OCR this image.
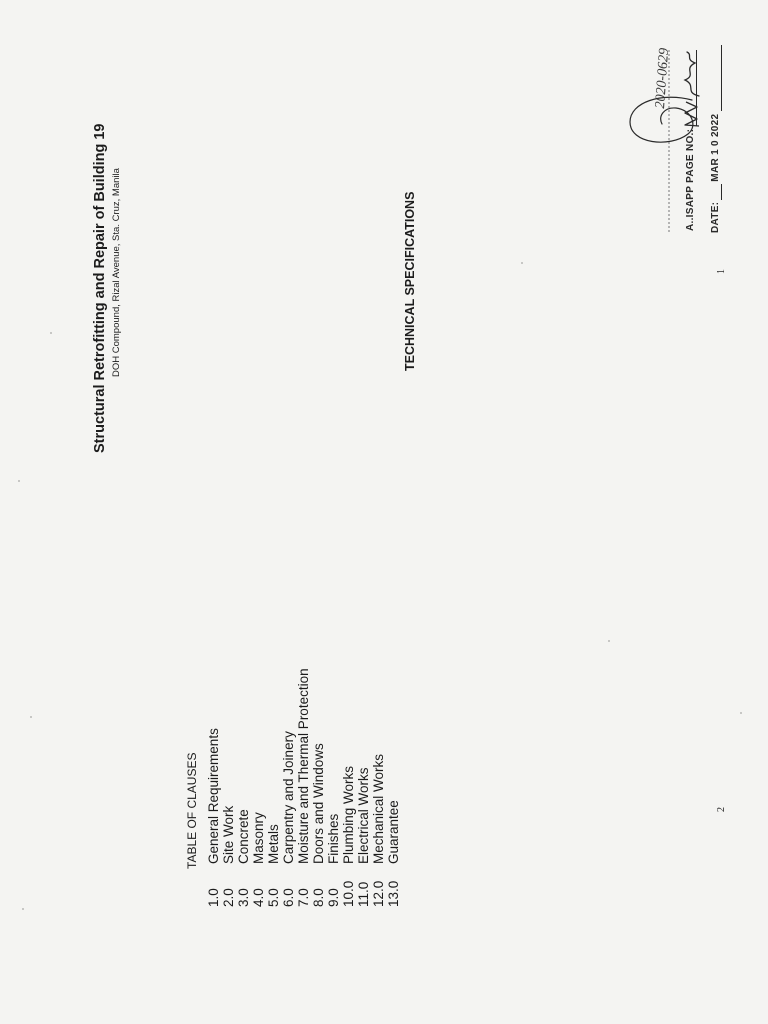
2020-0629
Structural Retrofitting and Repair of Building 19 DOH Compound, Rizal Avenue, Sta. Cruz, Manila
TABLE OF CLAUSES
1.0
General Requirements
2.0
Site Work
3.0
Concrete
4.0
Masonry
5.0
Metals
6.0
Carpentry and Joinery
7.0
Moisture and Thermal Protection
8.0
Doors and Windows
9.0
Finishes
10.0
Plumbing Works
11.0
Electrical Works
12.0
Mechanical Works
13.0
Guarantee
TECHNICAL SPECIFICATIONS
A..ISAPP PAGE NO.: DATE:
MAR 1 0 2022
1
2
